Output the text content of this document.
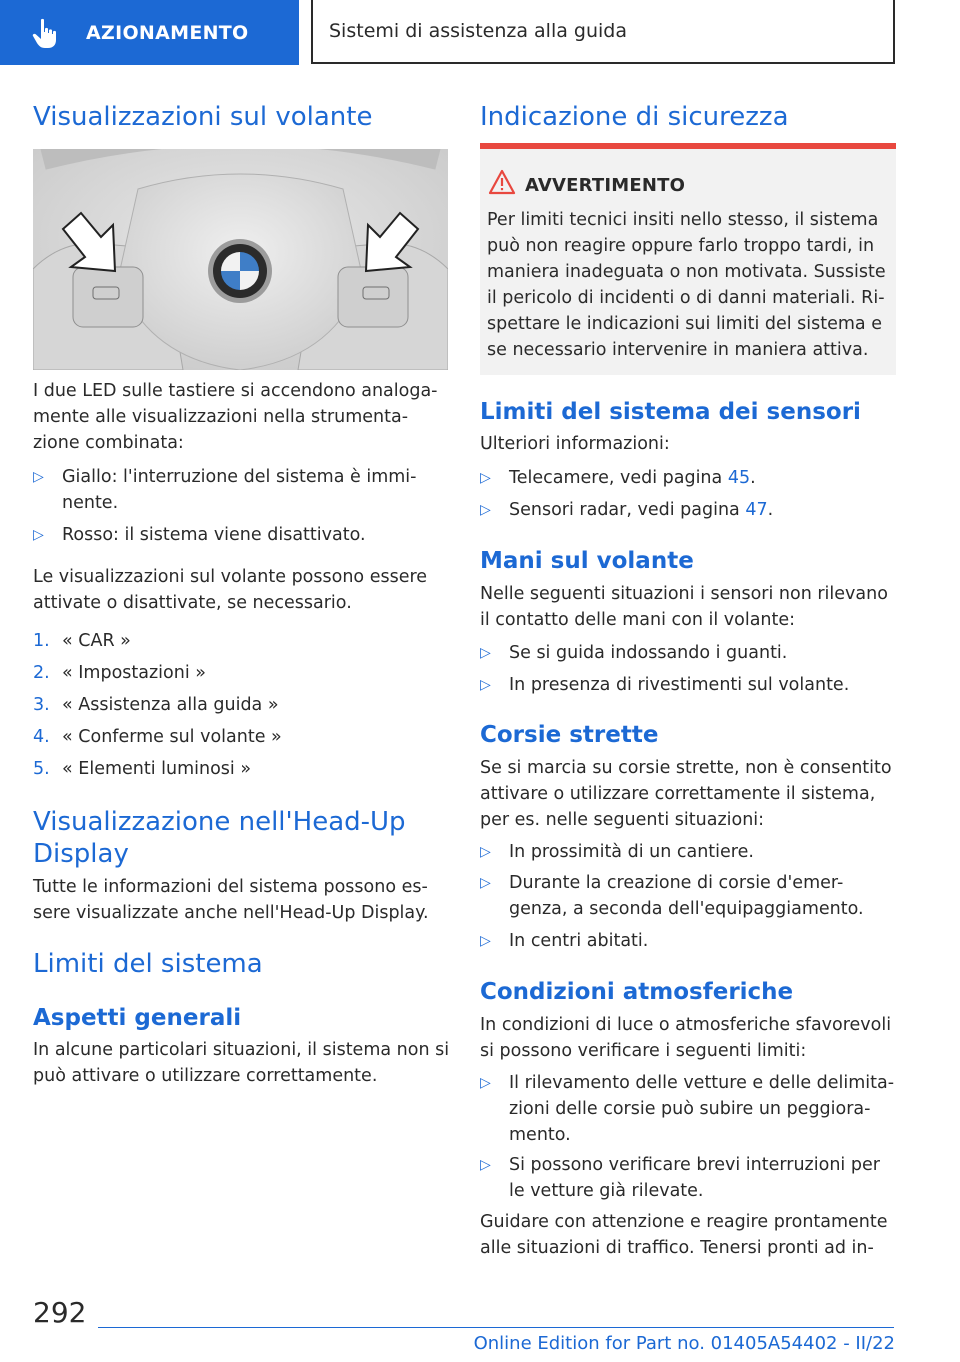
AZIONAMENTO	Sistemi di assistenza alla guida
Visualizzazioni sul volante

I due LED sulle tastiere si accendono analoga-
mente alle visualizzazioni nella strumenta-
zione combinata:

▷ Giallo: l'interruzione del sistema è immi-
nente.
▷ Rosso: il sistema viene disattivato.

Le visualizzazioni sul volante possono essere
attivate o disattivate, se necessario.

1. « CAR »
2. « Impostazioni »
3. « Assistenza alla guida »
4. « Conferme sul volante »
5. « Elementi luminosi »
Visualizzazione nell'Head-Up
Display

Tutte le informazioni del sistema possono es-
sere visualizzate anche nell'Head-Up Display.

Limiti del sistema
Aspetti generali

In alcune particolari situazioni, il sistema non si
può attivare o utilizzare correttamente.

Indicazione di sicurezza
AVVERTIMENTO

Per limiti tecnici insiti nello stesso, il sistema
può non reagire oppure farlo troppo tardi, in
maniera inadeguata o non motivata. Sussiste
il pericolo di incidenti o di danni materiali. Ri-
spettare le indicazioni sui limiti del sistema e
se necessario intervenire in maniera attiva.

Limiti del sistema dei sensori

Ulteriori informazioni:

▷ Telecamere, vedi pagina 45.
▷ Sensori radar, vedi pagina 47.
Mani sul volante

Nelle seguenti situazioni i sensori non rilevano
il contatto delle mani con il volante:

▷ Se si guida indossando i guanti.
▷ In presenza di rivestimenti sul volante.
Corsie strette

Se si marcia su corsie strette, non è consentito
attivare o utilizzare correttamente il sistema,
per es. nelle seguenti situazioni:

▷ In prossimità di un cantiere.
▷ Durante la creazione di corsie d'emer-
genza, a seconda dell'equipaggiamento.
▷ In centri abitati.
Condizioni atmosferiche

In condizioni di luce o atmosferiche sfavorevoli
si possono verificare i seguenti limiti:

▷ Il rilevamento delle vetture e delle delimita-
zioni delle corsie può subire un peggiora-
mento.
▷ Si possono verificare brevi interruzioni per
le vetture già rilevate.

Guidare con attenzione e reagire prontamente
alle situazioni di traffico. Tenersi pronti ad in-

292
Online Edition for Part no. 01405A54402 - II/22
